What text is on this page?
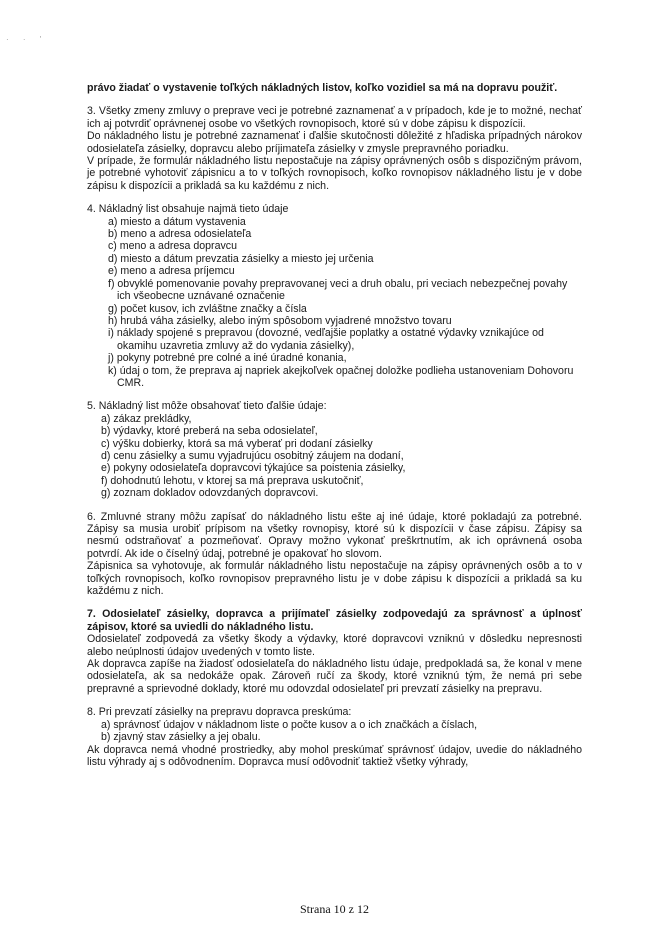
· · '

právo žiadať o vystavenie toľkých nákladných listov, koľko vozidiel sa má na dopravu použiť.

3. Všetky zmeny zmluvy o preprave veci je potrebné zaznamenať a v prípadoch, kde je to možné, nechať ich aj potvrdiť oprávnenej osobe vo všetkých rovnopisoch, ktoré sú v dobe zápisu k dispozícii.

Do nákladného listu je potrebné zaznamenať i ďalšie skutočnosti dôležité z hľadiska prípadných nárokov odosielateľa zásielky, dopravcu alebo príjimateľa zásielky v zmysle prepravného poriadku.

V prípade, že formulár nákladného listu nepostačuje na zápisy oprávnených osôb s dispozičným právom, je potrebné vyhotoviť zápisnicu a to v toľkých rovnopisoch, koľko rovnopisov nákladného listu je v dobe zápisu k dispozícii a prikladá sa ku každému z nich.

4. Nákladný list obsahuje najmä tieto údaje

a) miesto a dátum vystavenia
b) meno a adresa odosielateľa
c) meno a adresa dopravcu
d) miesto a dátum prevzatia zásielky a miesto jej určenia
e) meno a adresa príjemcu
f) obvyklé pomenovanie povahy prepravovanej veci a druh obalu, pri veciach nebezpečnej povahy ich všeobecne uznávané označenie
g) počet kusov, ich zvláštne značky a čísla
h) hrubá váha zásielky, alebo iným spôsobom vyjadrené množstvo tovaru
i) náklady spojené s prepravou (dovozné, vedľajšie poplatky a ostatné výdavky vznikajúce od okamihu uzavretia zmluvy až do vydania zásielky),
j) pokyny potrebné pre colné a iné úradné konania,
k) údaj o tom, že preprava aj napriek akejkoľvek opačnej doložke podlieha ustanoveniam Dohovoru CMR.

5. Nákladný list môže obsahovať tieto ďalšie údaje:

a) zákaz prekládky,
b) výdavky, ktoré preberá na seba odosielateľ,
c) výšku dobierky, ktorá sa má vyberať pri dodaní zásielky
d) cenu zásielky a sumu vyjadrujúcu osobitný záujem na dodaní,
e) pokyny odosielateľa dopravcovi týkajúce sa poistenia zásielky,
f) dohodnutú lehotu, v ktorej sa má preprava uskutočniť,
g) zoznam dokladov odovzdaných dopravcovi.

6. Zmluvné strany môžu zapísať do nákladného listu ešte aj iné údaje, ktoré pokladajú za potrebné. Zápisy sa musia urobiť prípisom na všetky rovnopisy, ktoré sú k dispozícii v čase zápisu. Zápisy sa nesmú odstraňovať a pozmeňovať. Opravy možno vykonať preškrtnutím, ak ich oprávnená osoba potvrdí. Ak ide o číselný údaj, potrebné je opakovať ho slovom.

Zápisnica sa vyhotovuje, ak formulár nákladného listu nepostačuje na zápisy oprávnených osôb a to v toľkých rovnopisoch, koľko rovnopisov prepravného listu je v dobe zápisu k dispozícii a prikladá sa ku každému z nich.

7. Odosielateľ zásielky, dopravca a prijímateľ zásielky zodpovedajú za správnosť a úplnosť zápisov, ktoré sa uviedli do nákladného listu.

Odosielateľ zodpovedá za všetky škody a výdavky, ktoré dopravcovi vzniknú v dôsledku nepresnosti alebo neúplnosti údajov uvedených v tomto liste.

Ak dopravca zapíše na žiadosť odosielateľa do nákladného listu údaje, predpokladá sa, že konal v mene odosielateľa, ak sa nedokáže opak. Zároveň ručí za škody, ktoré vzniknú tým, že nemá pri sebe prepravné a sprievodné doklady, ktoré mu odovzdal odosielateľ pri prevzatí zásielky na prepravu.

8. Pri prevzatí zásielky na prepravu dopravca preskúma:

a) správnosť údajov v nákladnom liste o počte kusov a o ich značkách a číslach,
b) zjavný stav zásielky a jej obalu.

Ak dopravca nemá vhodné prostriedky, aby mohol preskúmať správnosť údajov, uvedie do nákladného listu výhrady aj s odôvodnením. Dopravca musí odôvodniť taktiež všetky výhrady,

Strana 10 z 12
